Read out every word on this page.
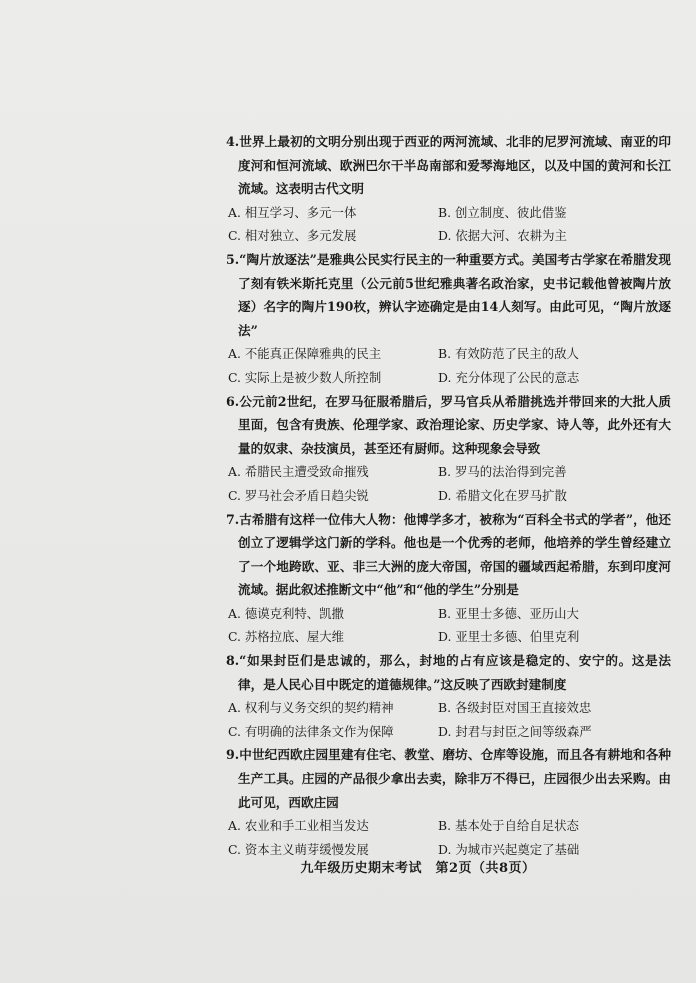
4.世界上最初的文明分别出现于西亚的两河流域、北非的尼罗河流域、南亚的印度河和恒河流域、欧洲巴尔干半岛南部和爱琴海地区，以及中国的黄河和长江流域。这表明古代文明

A. 相互学习、多元一体	B. 创立制度、彼此借鉴
C. 相对独立、多元发展	D. 依据大河、农耕为主

5.“陶片放逐法”是雅典公民实行民主的一种重要方式。美国考古学家在希腊发现了刻有铁米斯托克里（公元前5世纪雅典著名政治家，史书记载他曾被陶片放逐）名字的陶片190枚，辨认字迹确定是由14人刻写。由此可见，“陶片放逐法”

A. 不能真正保障雅典的民主	B. 有效防范了民主的敌人
C. 实际上是被少数人所控制	D. 充分体现了公民的意志

6.公元前2世纪，在罗马征服希腊后，罗马官兵从希腊挑选并带回来的大批人质里面，包含有贵族、伦理学家、政治理论家、历史学家、诗人等，此外还有大量的奴隶、杂技演员，甚至还有厨师。这种现象会导致

A. 希腊民主遭受致命摧残	B. 罗马的法治得到完善
C. 罗马社会矛盾日趋尖锐	D. 希腊文化在罗马扩散

7.古希腊有这样一位伟大人物：他博学多才，被称为“百科全书式的学者”，他还创立了逻辑学这门新的学科。他也是一个优秀的老师，他培养的学生曾经建立了一个地跨欧、亚、非三大洲的庞大帝国，帝国的疆域西起希腊，东到印度河流域。据此叙述推断文中“他”和“他的学生”分别是

A. 德谟克利特、凯撒	B. 亚里士多德、亚历山大
C. 苏格拉底、屋大维	D. 亚里士多德、伯里克利

8.“如果封臣们是忠诚的，那么，封地的占有应该是稳定的、安宁的。这是法律，是人民心目中既定的道德规律。”这反映了西欧封建制度

A. 权利与义务交织的契约精神	B. 各级封臣对国王直接效忠
C. 有明确的法律条文作为保障	D. 封君与封臣之间等级森严

9.中世纪西欧庄园里建有住宅、教堂、磨坊、仓库等设施，而且各有耕地和各种生产工具。庄园的产品很少拿出去卖，除非万不得已，庄园很少出去采购。由此可见，西欧庄园

A. 农业和手工业相当发达	B. 基本处于自给自足状态
C. 资本主义萌芽缓慢发展	D. 为城市兴起奠定了基础
九年级历史期末考试　第2页（共8页）
